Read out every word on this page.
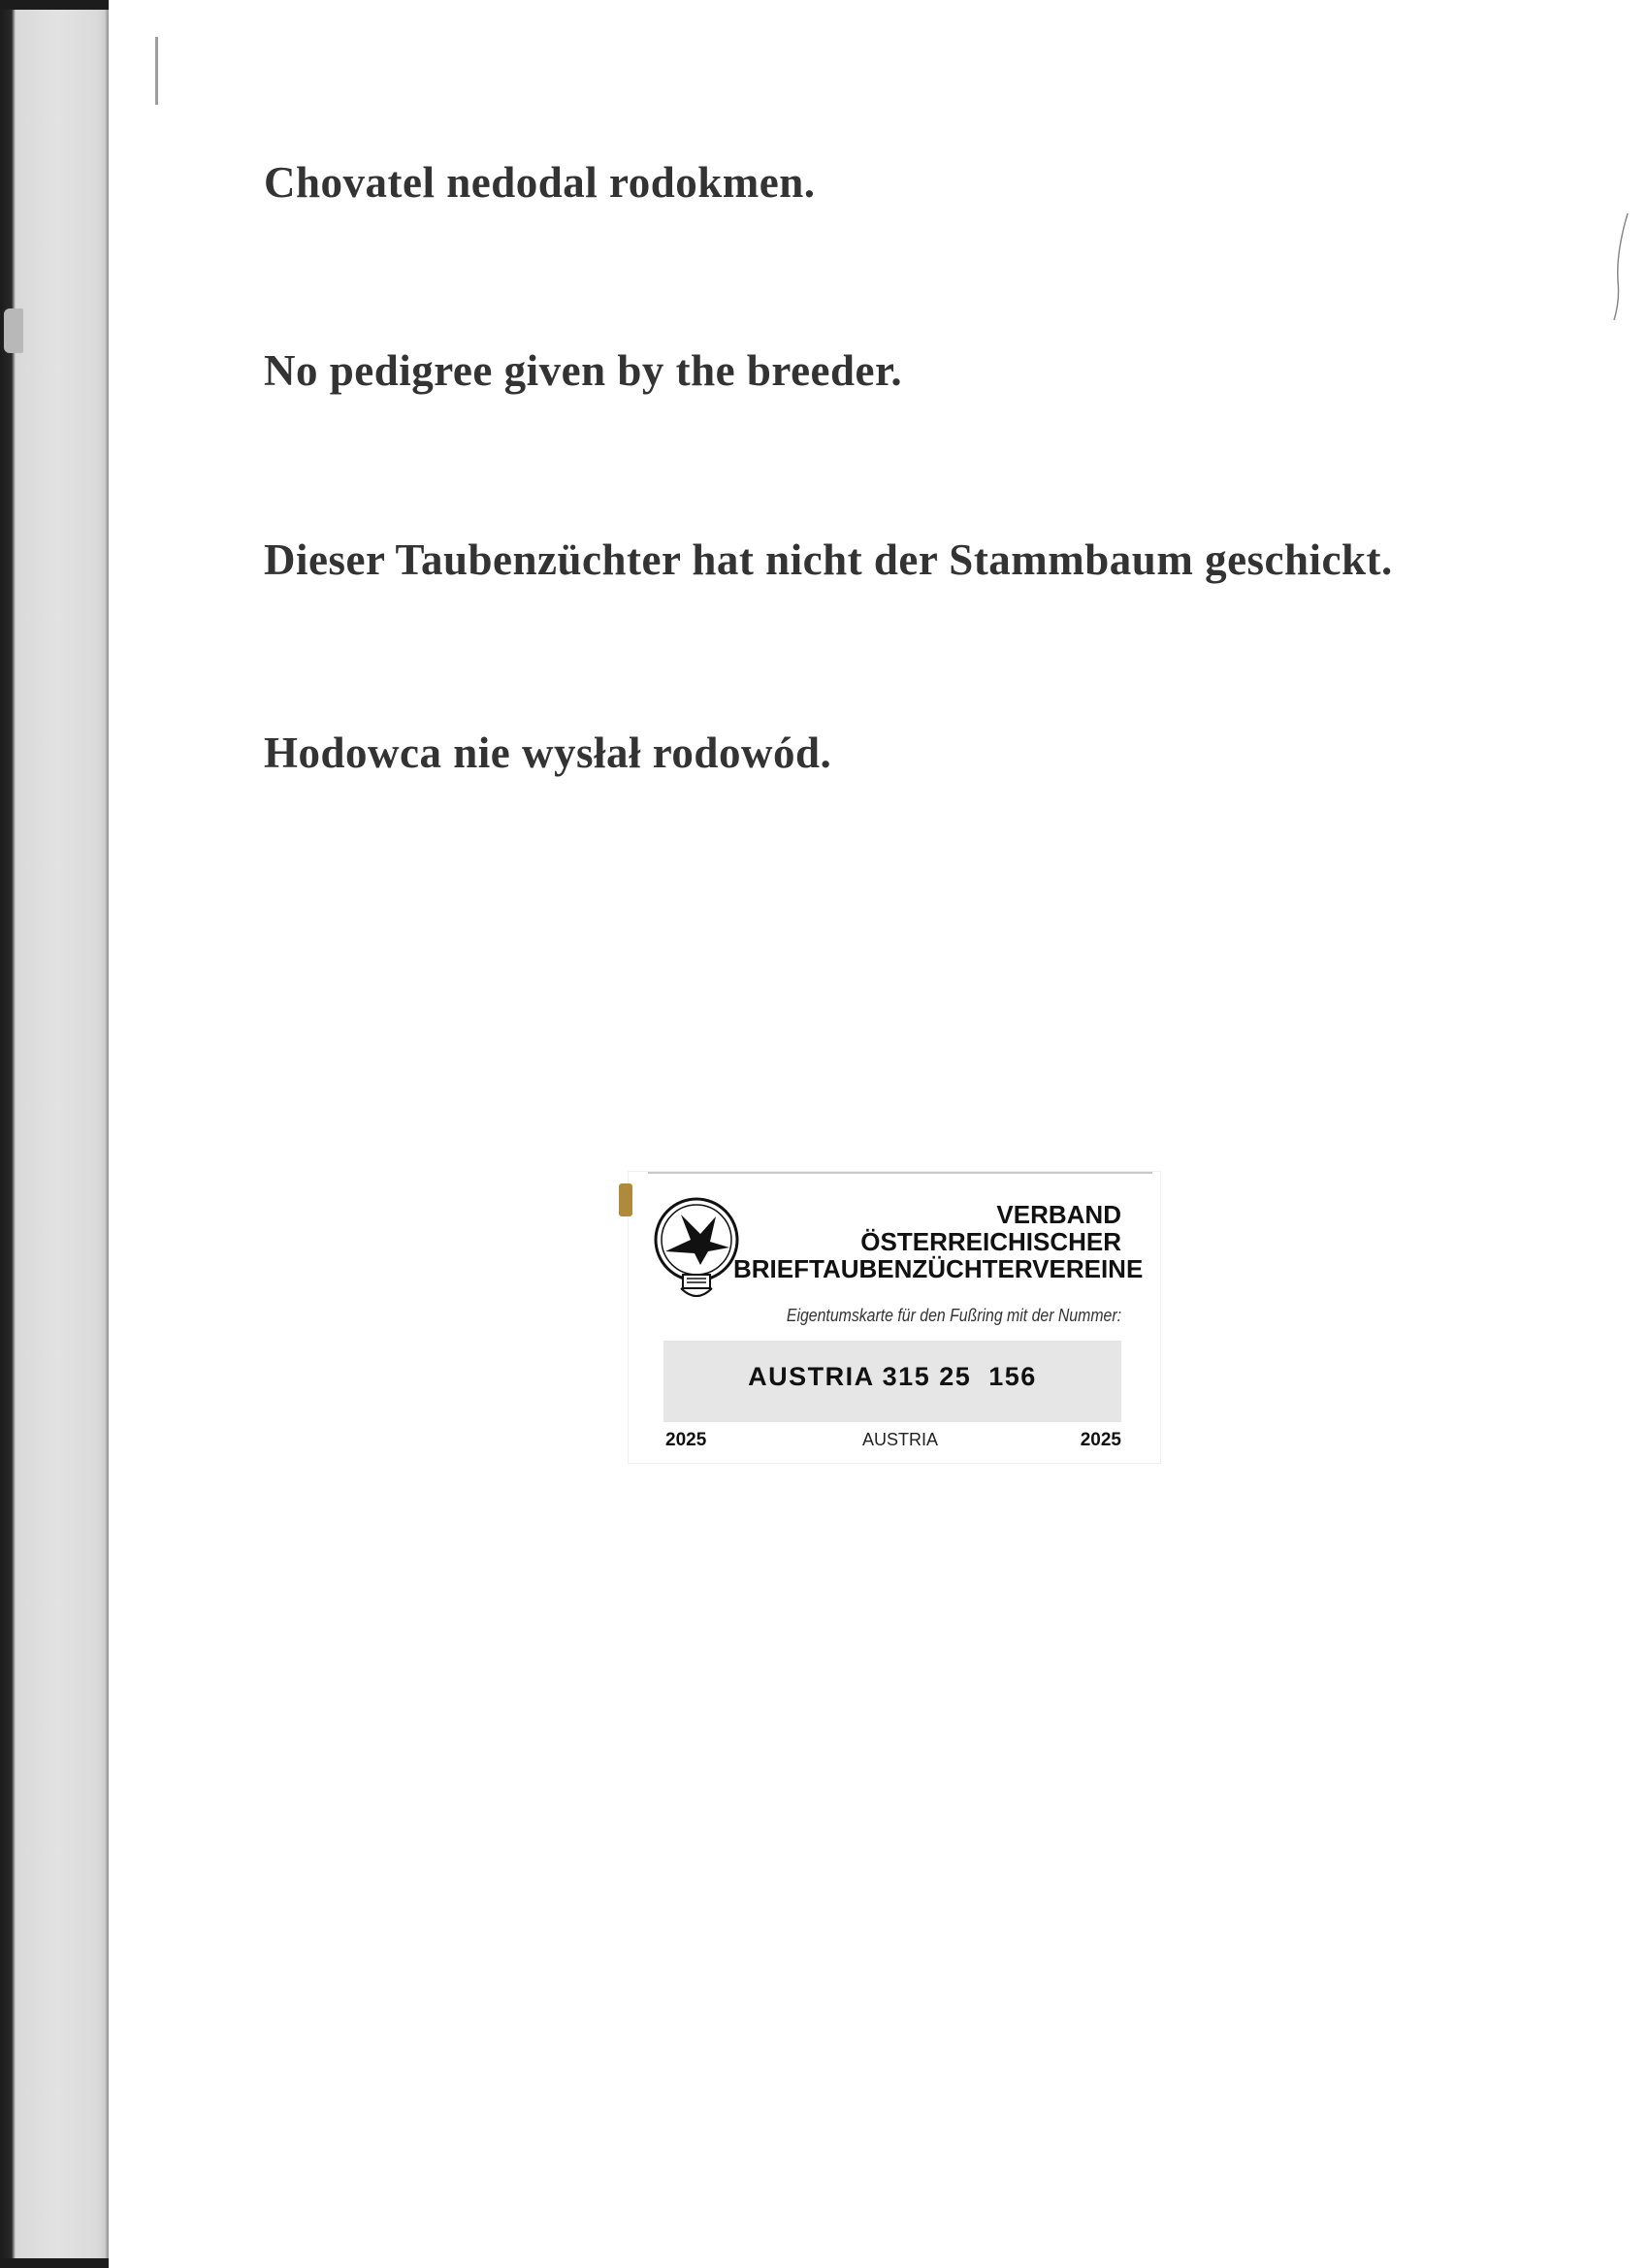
Chovatel nedodal rodokmen.

No pedigree given by the breeder.

Dieser Taubenzüchter hat nicht der Stammbaum geschickt.

Hodowca nie wysłał rodowód.

VERBAND
ÖSTERREICHISCHER
BRIEFTAUBENZÜCHTERVEREINE
Eigentumskarte für den Fußring mit der Nummer:
AUSTRIA 315 25  156
2025	AUSTRIA	2025
